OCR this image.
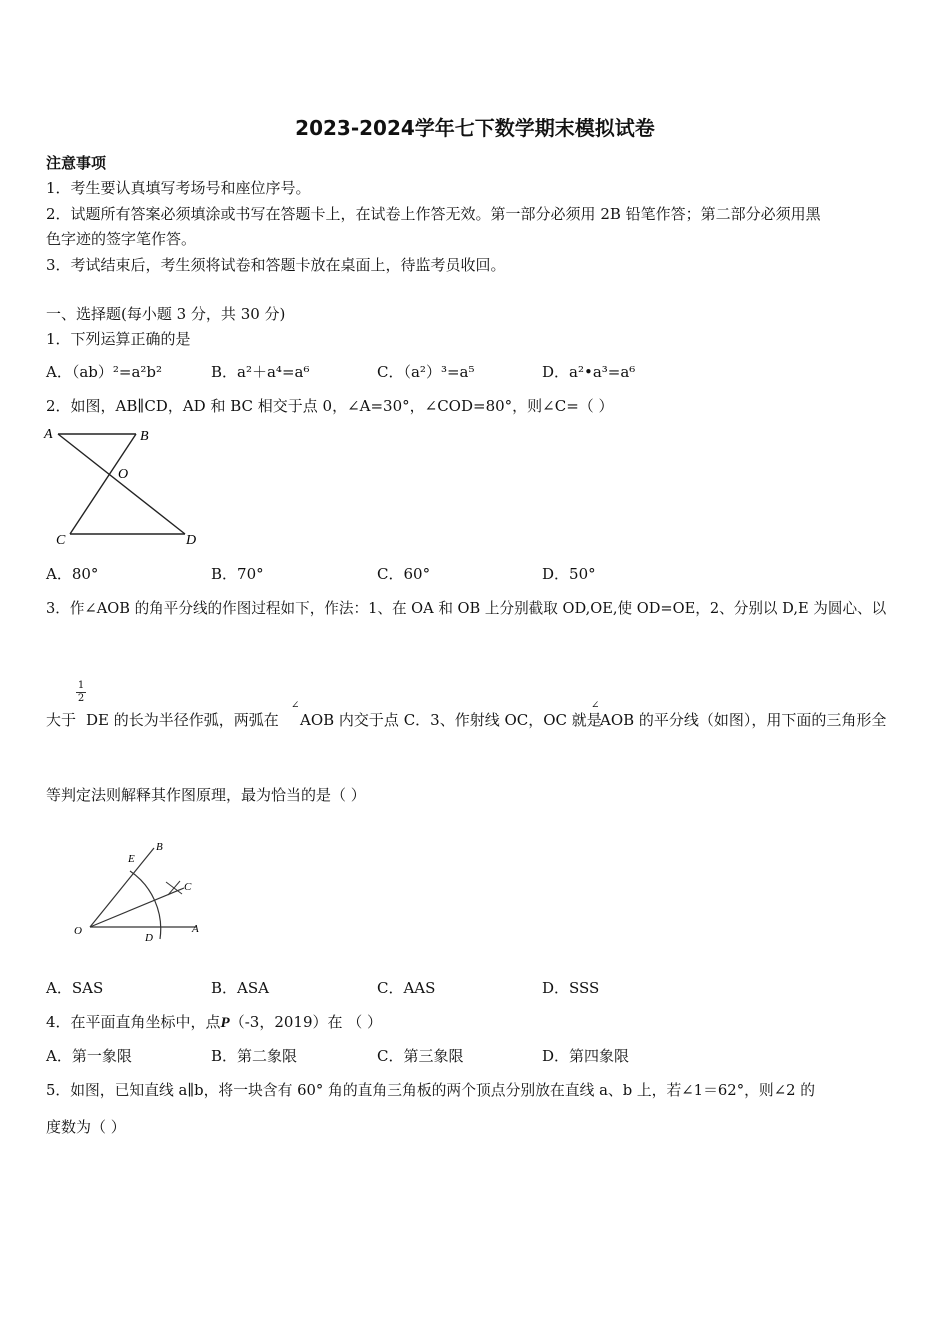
2023-2024学年七下数学期末模拟试卷
注意事项
1．考生要认真填写考场号和座位序号。
2．试题所有答案必须填涂或书写在答题卡上，在试卷上作答无效。第一部分必须用 2B 铅笔作答；第二部分必须用黑
色字迹的签字笔作答。
3．考试结束后，考生须将试卷和答题卡放在桌面上，待监考员收回。
一、选择题(每小题 3 分，共 30 分)
1．下列运算正确的是
A．（ab）²=a²b²	B．a²＋a⁴=a⁶	C．（a²）³=a⁵	D．a²•a³=a⁶
2．如图，AB∥CD，AD 和 BC 相交于点 0，∠A=30°，∠COD=80°，则∠C=（ ）
A	B
O
C	D
A．80°	B．70°	C．60°	D．50°
3．作∠AOB 的角平分线的作图过程如下，作法：1、在 OA 和 OB 上分别截取 OD,OE,使 OD=OE，2、分别以 D,E 为圆心、以
1
2
大于 DE 的长为半径作弧，两弧在
∠
AOB 内交于点 C．3、作射线 OC，OC 就是
∠
AOB 的平分线（如图），用下面的三角形全
等判定法则解释其作图原理，最为恰当的是（ ）
O	A
B
C
D
E
A．SAS	B．ASA	C．AAS	D．SSS
4．在平面直角坐标中，点P（-3，2019）在 （ ）
A．第一象限	B．第二象限	C．第三象限	D．第四象限
5．如图，已知直线 a∥b，将一块含有 60° 角的直角三角板的两个顶点分别放在直线 a、b 上，若∠1＝62°，则∠2 的
度数为（ ）
